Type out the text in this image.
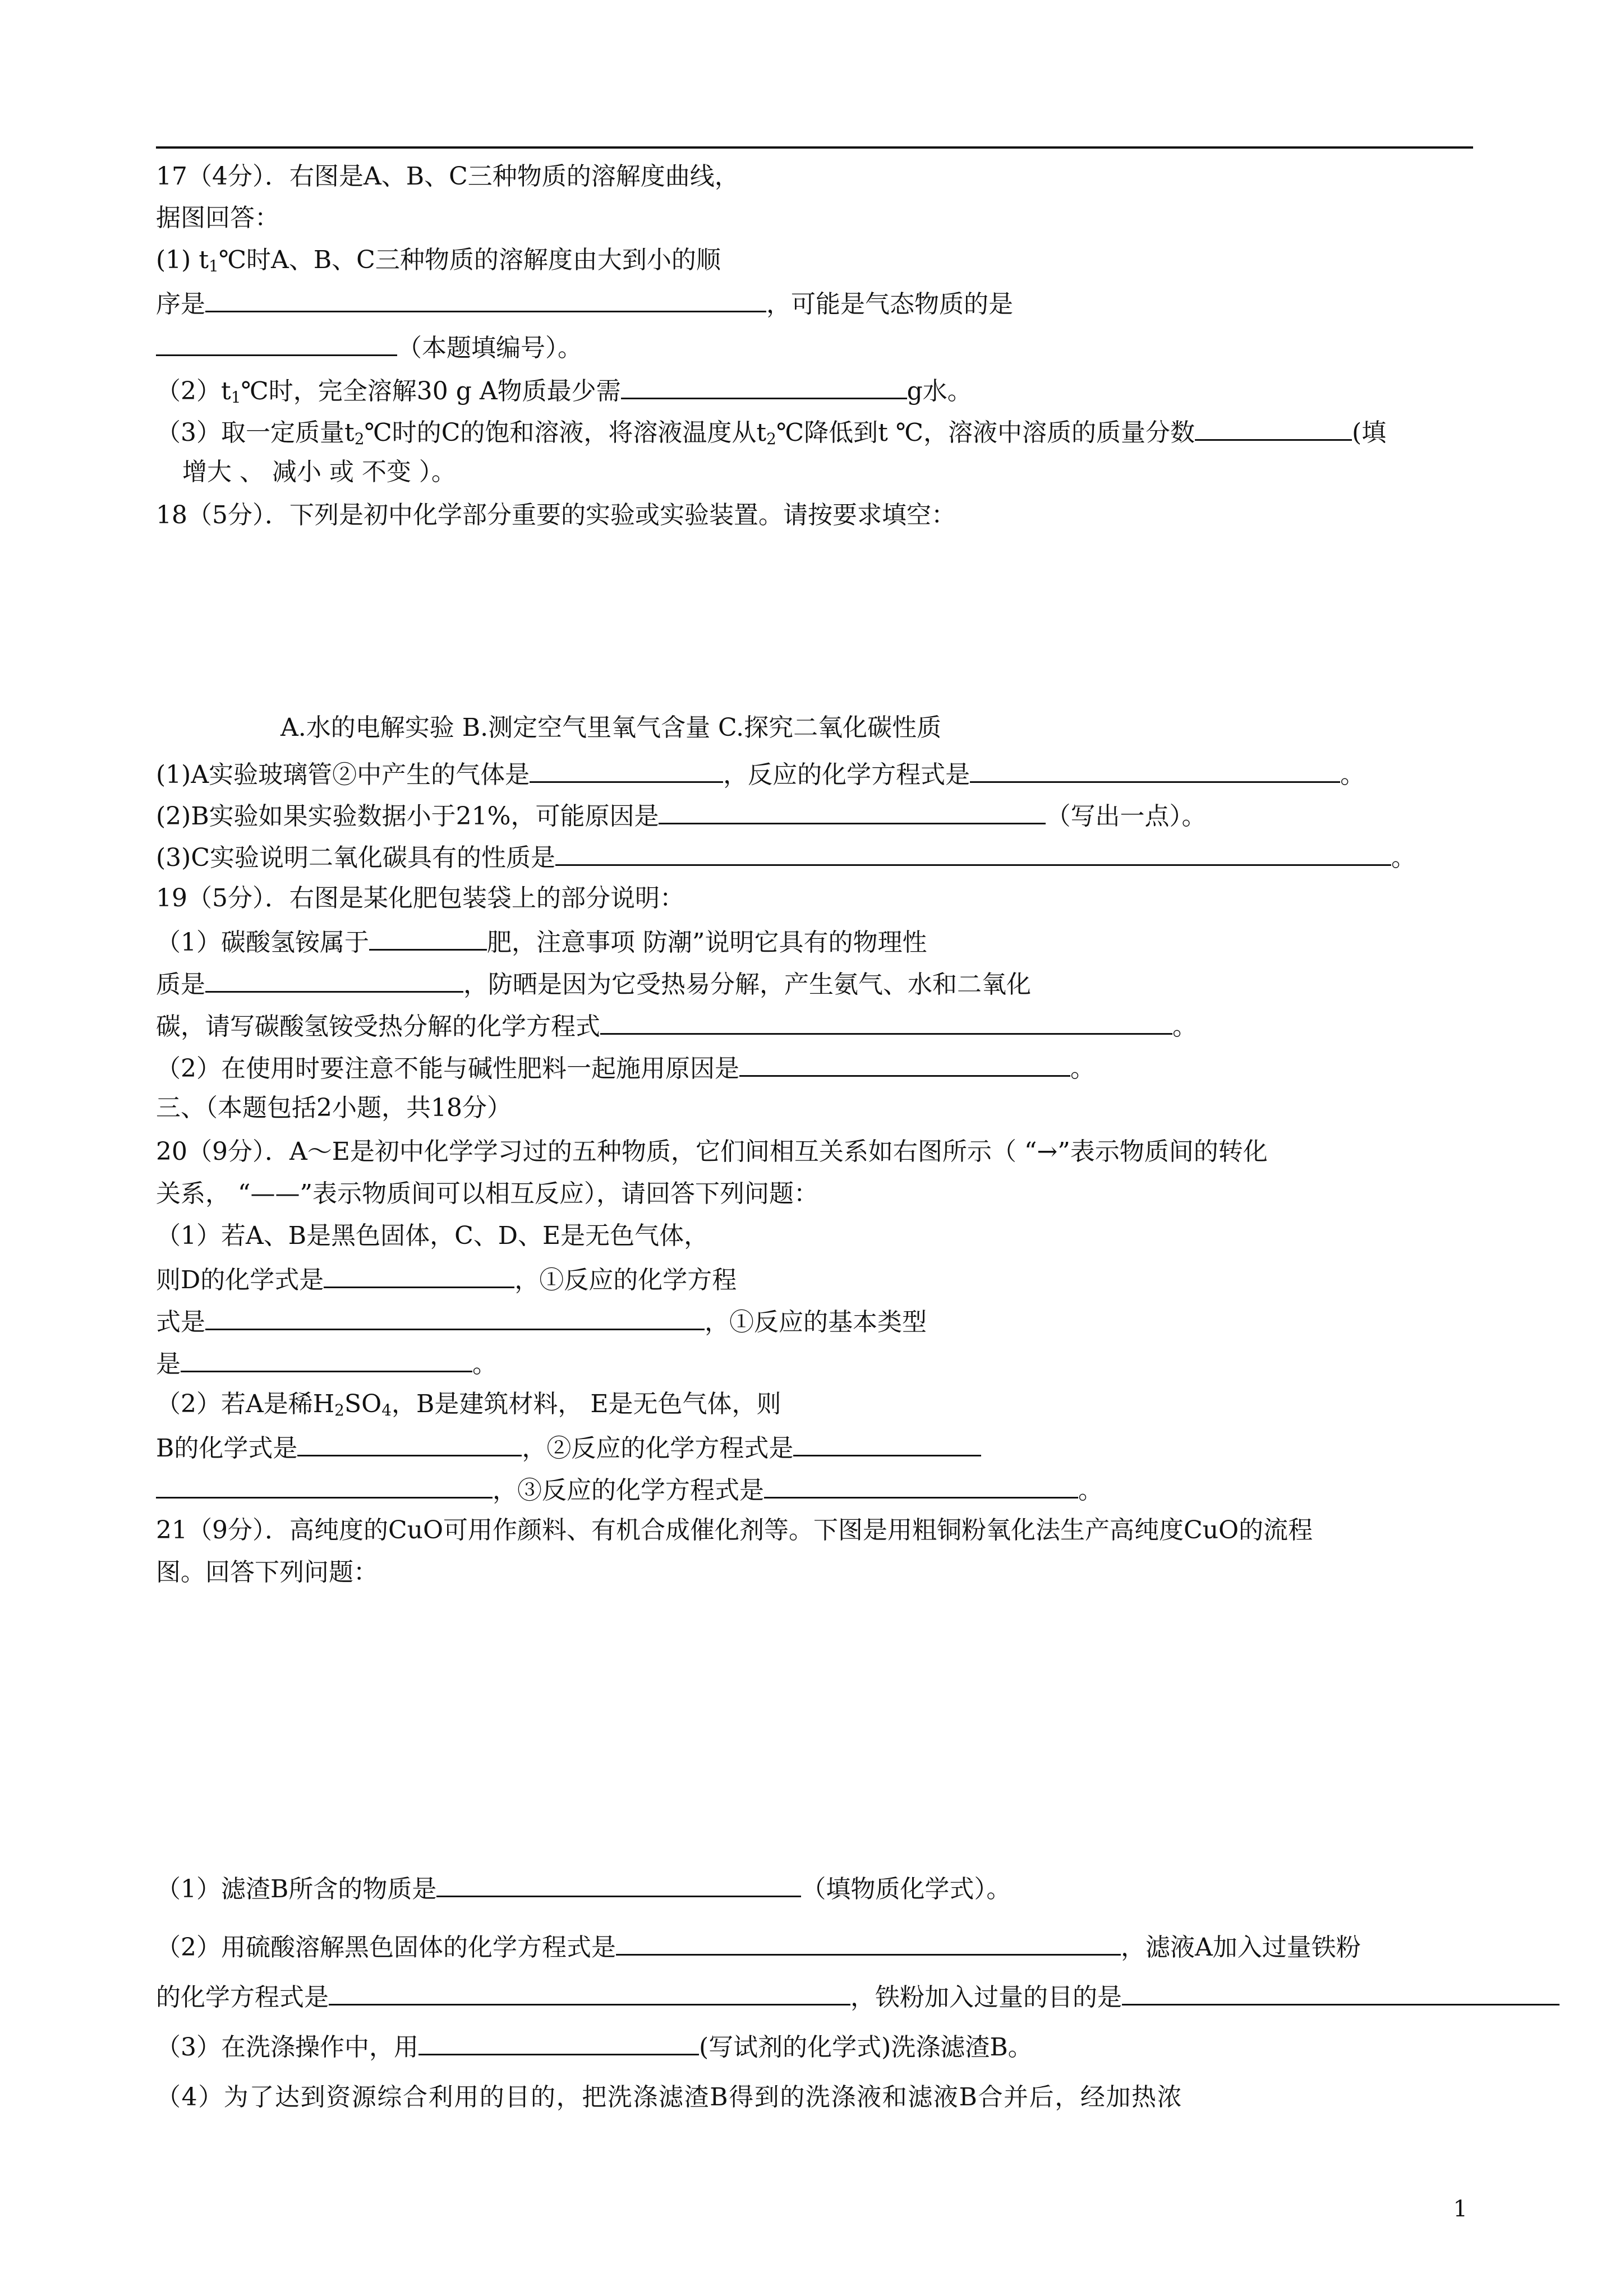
17（4分）．右图是A、B、C三种物质的溶解度曲线，
据图回答：
(1) $t_1℃$时A、B、C三种物质的溶解度由大到小的顺
序是	，可能是气态物质的是
（本题填编号）。
$(2)t_1℃$时，完全溶解30 g A物质最少需	g水。
（3）取一定质量$t_2℃$时的C的饱和溶液，将溶液温度从$t_2℃$降低到t ℃，溶液中溶质的质量分数	(填
增大 、 减小 或 不变 ）。
18（5分）．下列是初中化学部分重要的实验或实验装置。请按要求填空：
A.水的电解实验 B.测定空气里氧气含量 C.探究二氧化碳性质
(1)A实验玻璃管②中产生的气体是	，反应的化学方程式是	。
(2)B实验如果实验数据小于21%，可能原因是	（写出一点）。
(3)C实验说明二氧化碳具有的性质是	。
19（5分）．右图是某化肥包装袋上的部分说明：
（1）碳酸氢铵属于	肥，注意事项 防潮”说明它具有的物理性
质是	，防晒是因为它受热易分解，产生氨气、水和二氧化
碳，请写碳酸氢铵受热分解的化学方程式	。
（2）在使用时要注意不能与碱性肥料一起施用原因是	。
三、（本题包括2小题，共18分）
20（9分）．A～E是初中化学学习过的五种物质，它们间相互关系如右图所示（ “→”表示物质间的转化
关系， “——”表示物质间可以相互反应），请回答下列问题：
（1）若A、B是黑色固体，C、D、E是无色气体，
则D的化学式是	，①反应的化学方程
式是	，①反应的基本类型
是	。
（2）若A是稀$H_2SO_4$，B是建筑材料， E是无色气体，则
B的化学式是	，②反应的化学方程式是
，③反应的化学方程式是	。
21（9分）．高纯度的CuO可用作颜料、有机合成催化剂等。下图是用粗铜粉氧化法生产高纯度CuO的流程
图。回答下列问题：
（1）滤渣B所含的物质是	（填物质化学式）。
（2）用硫酸溶解黑色固体的化学方程式是	，滤液A加入过量铁粉
的化学方程式是	，铁粉加入过量的目的是
（3）在洗涤操作中，用	(写试剂的化学式)洗涤滤渣B。
（4）为了达到资源综合利用的目的，把洗涤滤渣B得到的洗涤液和滤液B合并后，经加热浓
1
